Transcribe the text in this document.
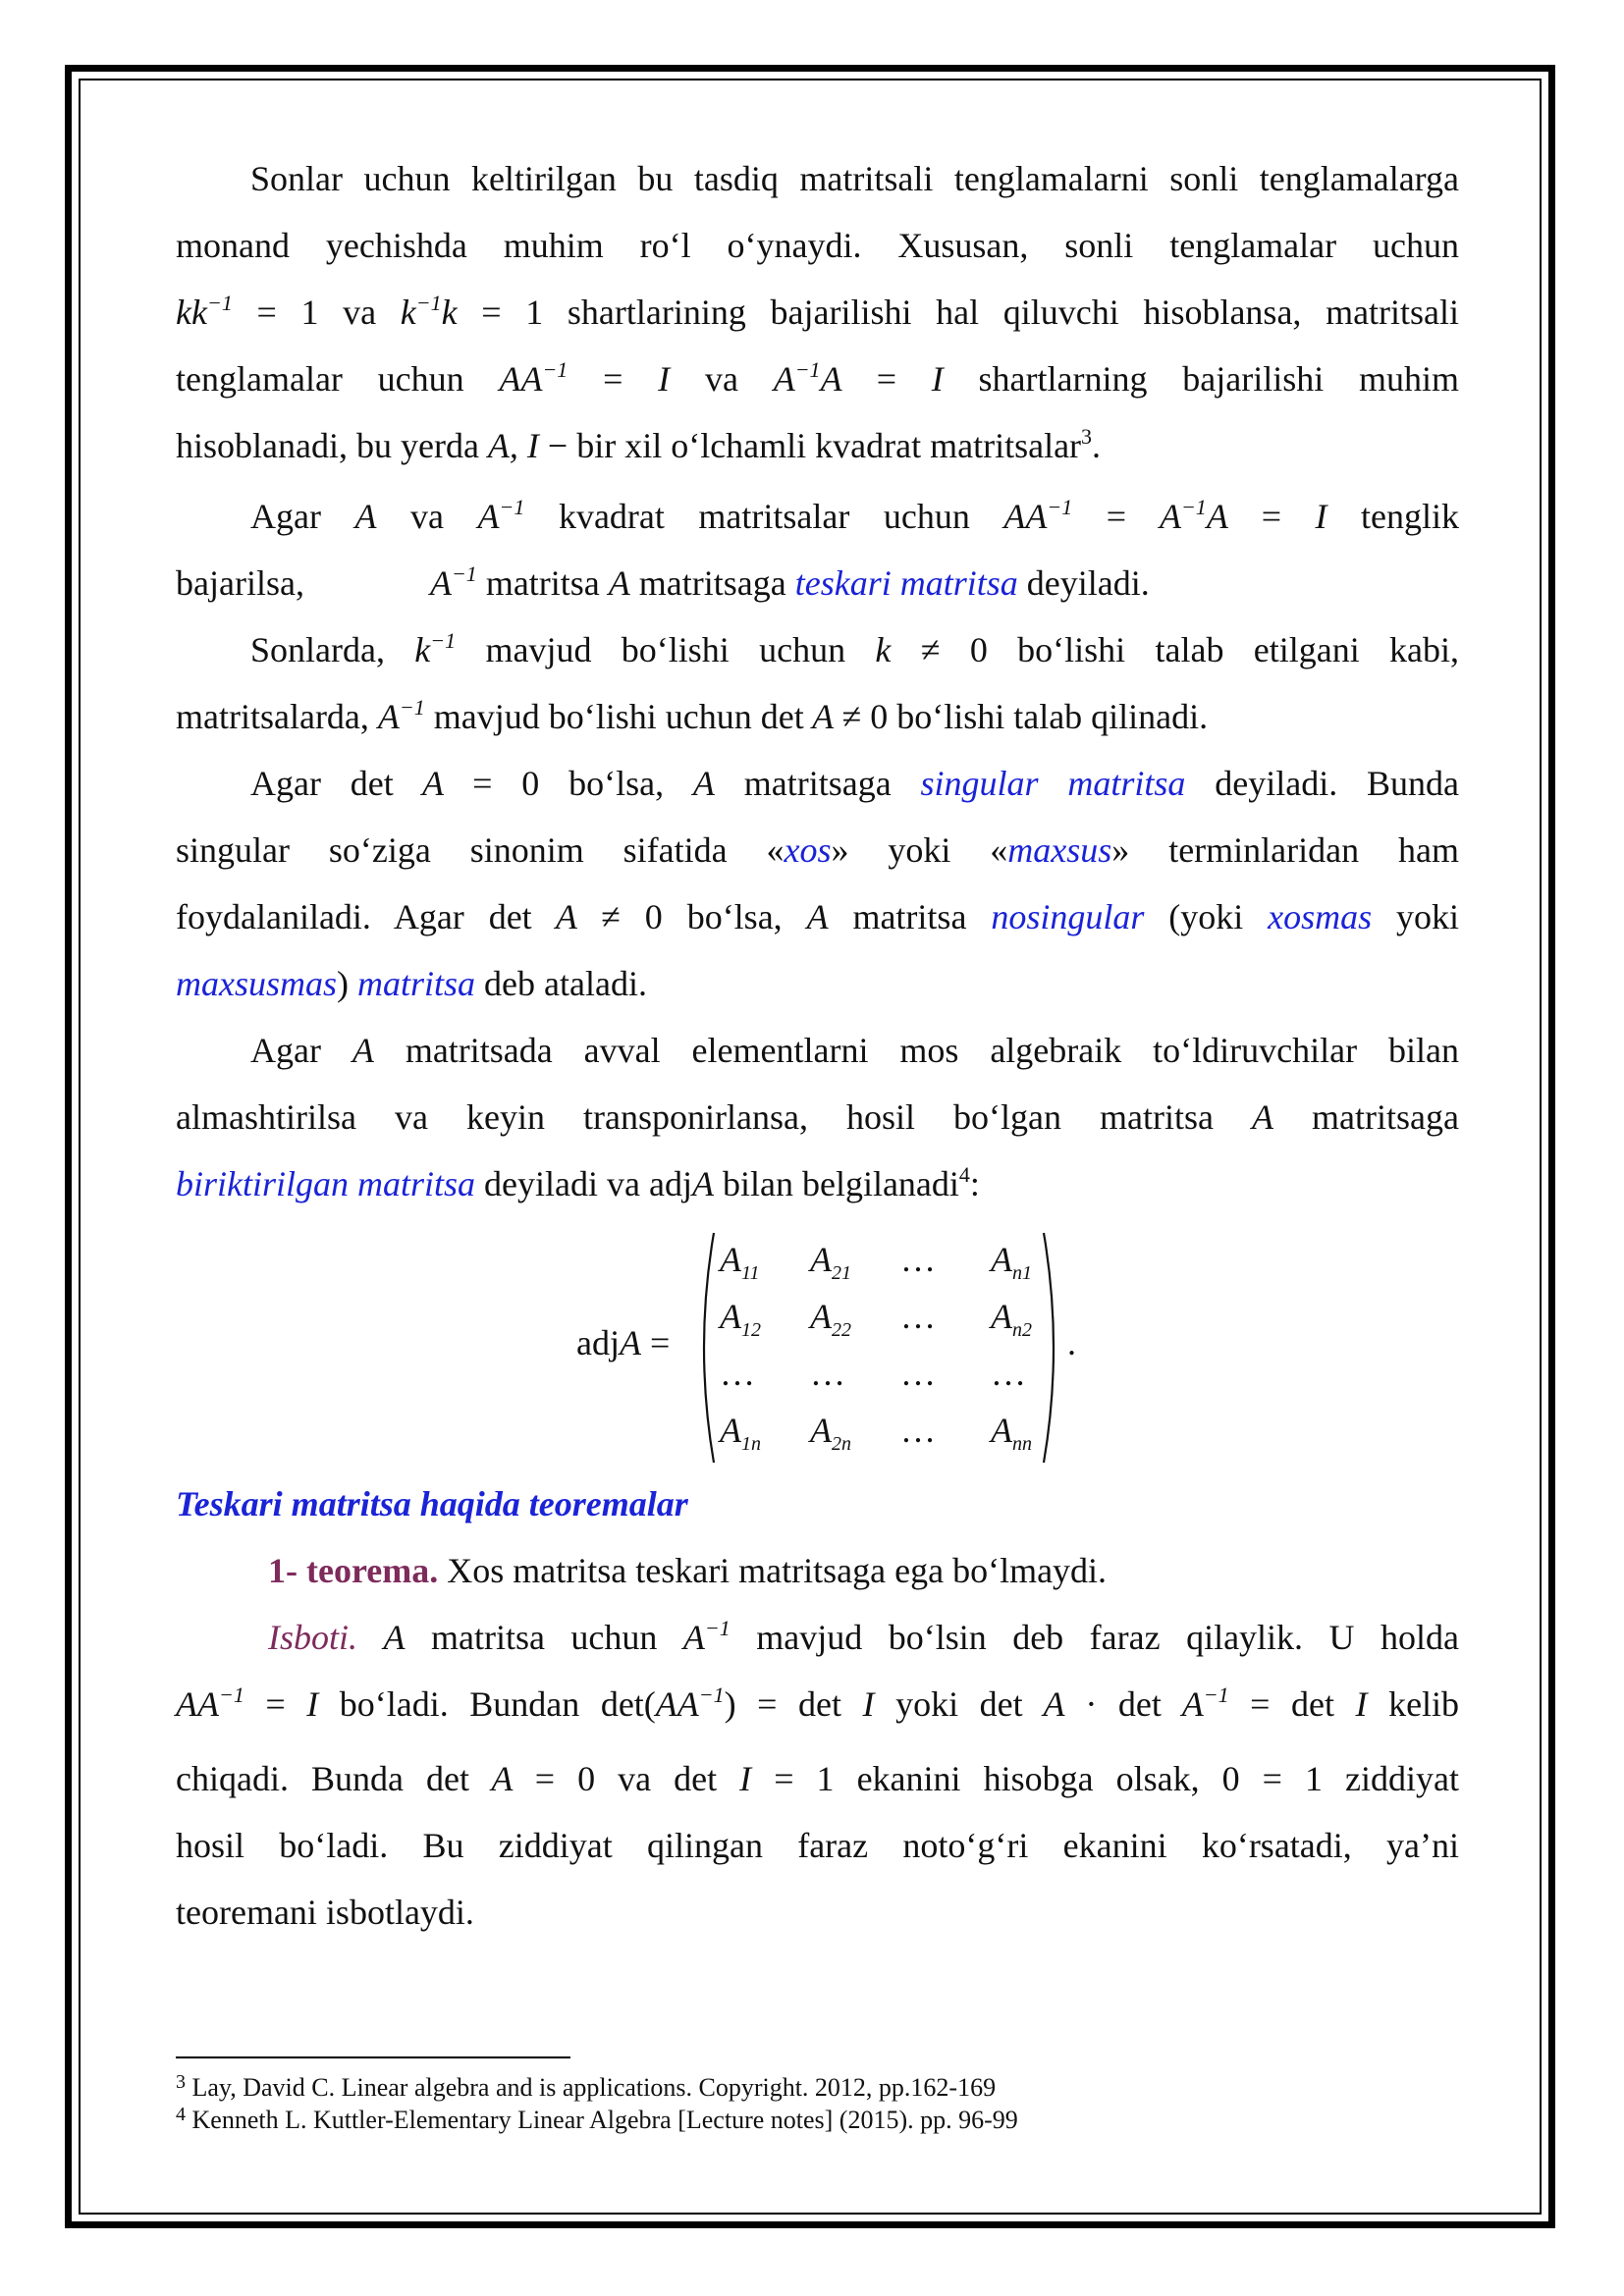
Sonlar uchun keltirilgan bu tasdiq matritsali tenglamalarni sonli tenglamalarga

monand yechishda muhim ro‘l o‘ynaydi. Xususan, sonli tenglamalar uchun

$kk^{-1} = 1$ va $k^{-1}k = 1$ shartlarining bajarilishi hal qiluvchi hisoblansa, matritsali

tenglamalar uchun $AA^{-1} = I$ va $A^{-1}A = I$ shartlarning bajarilishi muhim

hisoblanadi, bu yerda A, I − bir xil o‘lchamli kvadrat matritsalar$^3$.

Agar A va $A^{-1}$ kvadrat matritsalar uchun $AA^{-1} = A^{-1}A = I$ tenglik

bajarilsa,	$A^{-1}$ matritsa A matritsaga teskari matritsa deyiladi.

Sonlarda, $k^{-1}$ mavjud bo‘lishi uchun k ≠ 0 bo‘lishi talab etilgani kabi,

matritsalarda, $A^{-1}$ mavjud bo‘lishi uchun det A ≠ 0 bo‘lishi talab qilinadi.

Agar det A = 0 bo‘lsa, A matritsaga singular matritsa deyiladi. Bunda

singular so‘ziga sinonim sifatida «xos» yoki «maxsus» terminlaridan ham

foydalaniladi. Agar det A ≠ 0 bo‘lsa, A matritsa nosingular (yoki xosmas yoki

maxsusmas) matritsa deb ataladi.

Agar A matritsada avval elementlarni mos algebraik to‘ldiruvchilar bilan

almashtirilsa va keyin transponirlansa, hosil bo‘lgan matritsa A matritsaga

biriktirilgan matritsa deyiladi va adjA bilan belgilanadi$^4$:

adjA =
$A_{11}$	$A_{21}$	…	$A_{n1}$
$A_{12}$	$A_{22}$	…	$A_{n2}$
…	…	…	…
$A_{1n}$	$A_{2n}$	…	$A_{nn}$
.

Teskari matritsa haqida teoremalar

1- teorema. Xos matritsa teskari matritsaga ega bo‘lmaydi.

Isboti. A matritsa uchun $A^{-1}$ mavjud bo‘lsin deb faraz qilaylik. U holda

$AA^{-1} = I$ bo‘ladi. Bundan $\det(AA^{-1}) = \det I$ yoki $\det A \cdot \det A^{-1} = \det I$ kelib

chiqadi. Bunda det A = 0 va det I = 1 ekanini hisobga olsak, 0 = 1 ziddiyat

hosil bo‘ladi. Bu ziddiyat qilingan faraz noto‘g‘ri ekanini ko‘rsatadi, ya’ni

teoremani isbotlaydi.

$^3$ Lay, David C. Linear algebra and is applications. Copyright. 2012, pp.162-169
$^4$ Kenneth L. Kuttler-Elementary Linear Algebra [Lecture notes] (2015). pp. 96-99
